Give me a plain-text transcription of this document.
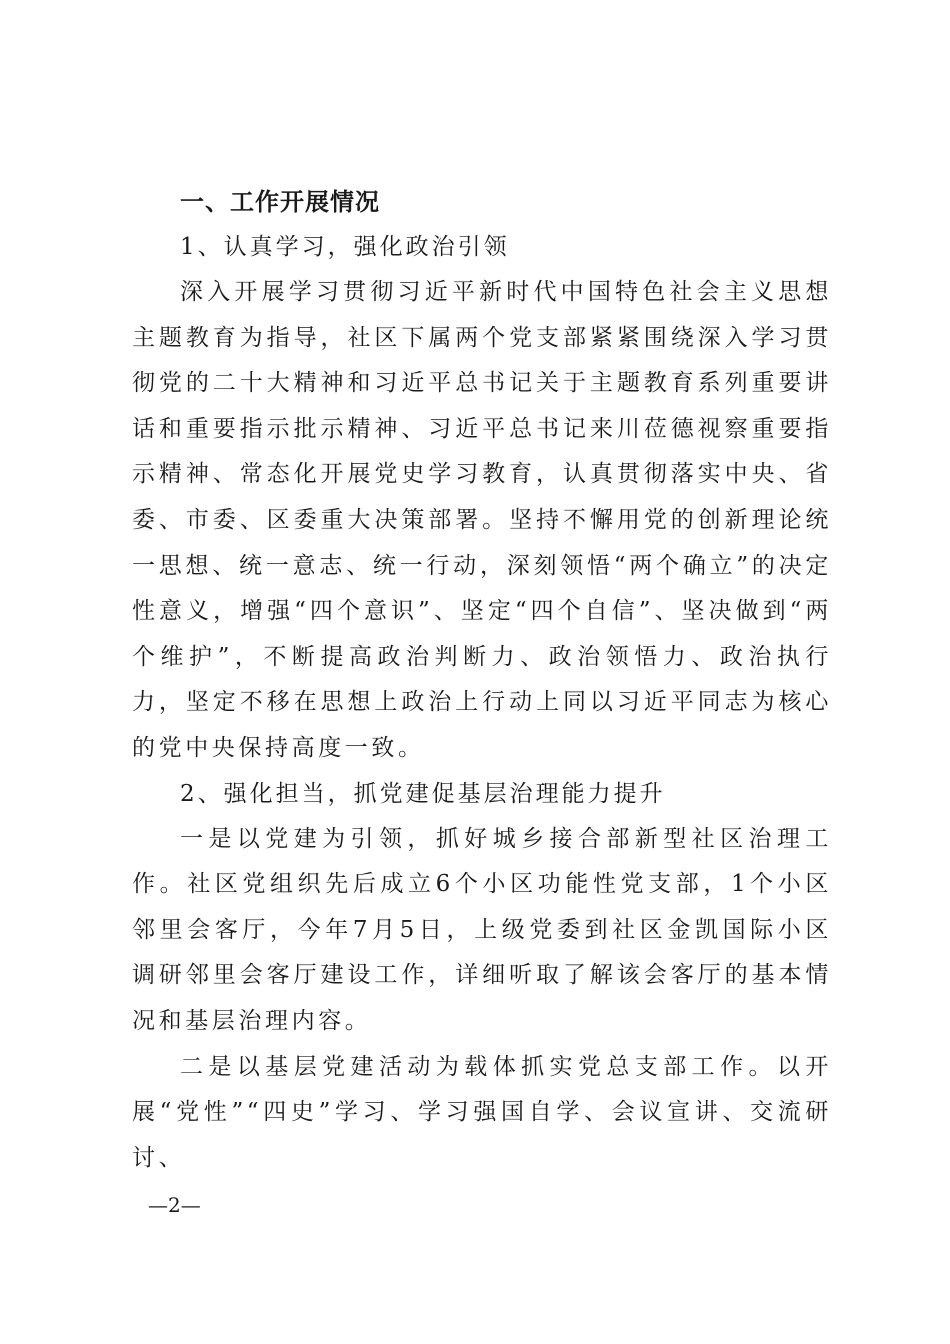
一、工作开展情况
1、认真学习，强化政治引领

深入开展学习贯彻习近平新时代中国特色社会主义思想主题教育为指导，社区下属两个党支部紧紧围绕深入学习贯彻党的二十大精神和习近平总书记关于主题教育系列重要讲话和重要指示批示精神、习近平总书记来川莅德视察重要指示精神、常态化开展党史学习教育，认真贯彻落实中央、省委、市委、区委重大决策部署。坚持不懈用党的创新理论统一思想、统一意志、统一行动，深刻领悟“两个确立”的决定性意义，增强“四个意识”、坚定“四个自信”、坚决做到“两个维护”，不断提高政治判断力、政治领悟力、政治执行力，坚定不移在思想上政治上行动上同以习近平同志为核心的党中央保持高度一致。

2、强化担当，抓党建促基层治理能力提升

一是以党建为引领，抓好城乡接合部新型社区治理工作。社区党组织先后成立6个小区功能性党支部，1个小区邻里会客厅，今年7月5日，上级党委到社区金凯国际小区调研邻里会客厅建设工作，详细听取了解该会客厅的基本情况和基层治理内容。

二是以基层党建活动为载体抓实党总支部工作。以开展“党性”“四史”学习、学习强国自学、会议宣讲、交流研讨、

—2—
